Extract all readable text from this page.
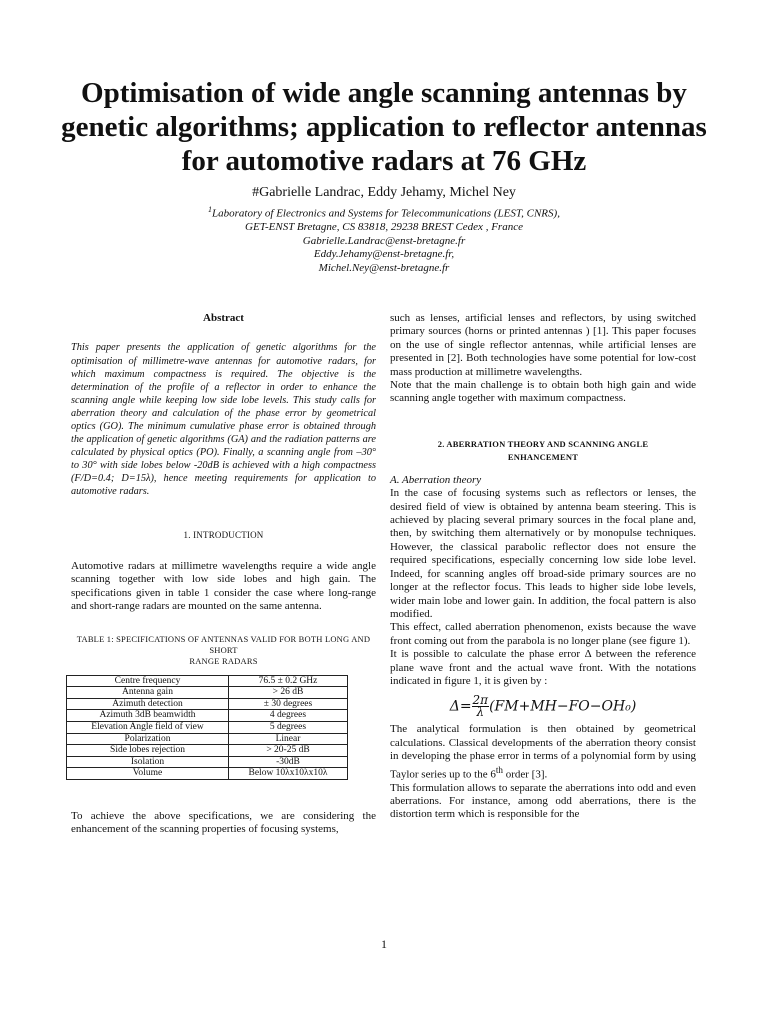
Optimisation of wide angle scanning antennas by genetic algorithms; application to reflector antennas for automotive radars at 76 GHz
#Gabrielle Landrac, Eddy Jehamy, Michel Ney
$^1$Laboratory of Electronics and Systems for Telecommunications (LEST, CNRS),
GET-ENST Bretagne, CS 83818, 29238 BREST Cedex , France
Gabrielle.Landrac@enst-bretagne.fr
Eddy.Jehamy@enst-bretagne.fr,
Michel.Ney@enst-bretagne.fr
Abstract

This paper presents the application of genetic algorithms for the optimisation of millimetre-wave antennas for automotive radars, for which maximum compactness is required. The objective is the determination of the profile of a reflector in order to enhance the scanning angle while keeping low side lobe levels. This study calls for aberration theory and calculation of the phase error by geometrical optics (GO). The minimum cumulative phase error is obtained through the application of genetic algorithms (GA) and the radiation patterns are calculated by physical optics (PO). Finally, a scanning angle from –30° to 30° with side lobes below -20dB is achieved with a high compactness (F/D=0.4; D=15λ), hence meeting requirements for application to automotive radars.

1. INTRODUCTION

Automotive radars at millimetre wavelengths require a wide angle scanning together with low side lobes and high gain. The specifications given in table 1 consider the case where long-range and short-range radars are mounted on the same antenna.

TABLE 1: SPECIFICATIONS OF ANTENNAS VALID FOR BOTH LONG AND SHORT
RANGE RADARS
Centre frequency	76.5 ± 0.2 GHz
Antenna gain	> 26 dB
Azimuth detection	± 30 degrees
Azimuth 3dB beamwidth	4 degrees
Elevation Angle field of view	5 degrees
Polarization	Linear
Side lobes rejection	> 20-25 dB
Isolation	-30dB
Volume	Below 10λx10λx10λ

To achieve the above specifications, we are considering the enhancement of the scanning properties of focusing systems,

such as lenses, artificial lenses and reflectors, by using switched primary sources (horns or printed antennas ) [1]. This paper focuses on the use of single reflector antennas, while artificial lenses are presented in [2]. Both technologies have some potential for low-cost mass production at millimetre wavelengths.

Note that the main challenge is to obtain both high gain and wide scanning angle together with maximum compactness.

2. ABERRATION THEORY AND SCANNING ANGLE
ENHANCEMENT

A. Aberration theory

In the case of focusing systems such as reflectors or lenses, the desired field of view is obtained by antenna beam steering. This is achieved by placing several primary sources in the focal plane and, then, by switching them alternatively or by monopulse techniques. However, the classical parabolic reflector does not ensure the required specifications, especially concerning low side lobe level. Indeed, for scanning angles off broad-side primary sources are no longer at the reflector focus. This leads to higher side lobe levels, wider main lobe and lower gain. In addition, the focal pattern is also modified.

This effect, called aberration phenomenon, exists because the wave front coming out from the parabola is no longer plane (see figure 1).

It is possible to calculate the phase error Δ between the reference plane wave front and the actual wave front. With the notations indicated in figure 1, it is given by :

$\Delta= \frac{2\pi}{\lambda} (FM+MH-FO-OH_0)$

The analytical formulation is then obtained by geometrical calculations. Classical developments of the aberration theory consist in developing the phase error in terms of a polynomial form by using Taylor series up to the 6th order [3].

This formulation allows to separate the aberrations into odd and even aberrations. For instance, among odd aberrations, there is the distortion term which is responsible for the

1
